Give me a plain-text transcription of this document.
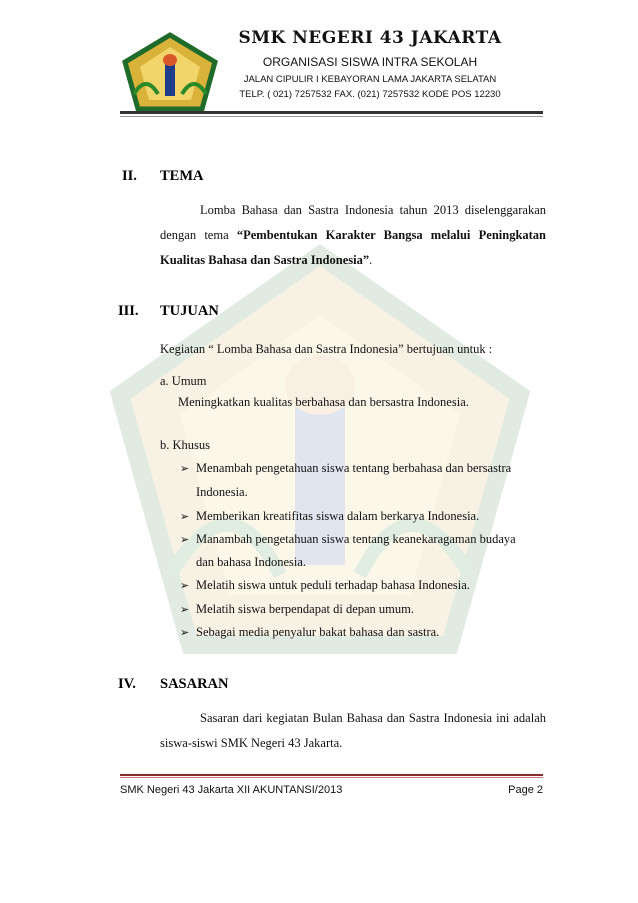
SMK NEGERI 43 JAKARTA
ORGANISASI SISWA INTRA SEKOLAH
JALAN CIPULIR I KEBAYORAN LAMA JAKARTA SELATAN
TELP. ( 021) 7257532 FAX. (021) 7257532 KODE POS 12230
II. TEMA
Lomba Bahasa dan Sastra Indonesia tahun 2013 diselenggarakan dengan tema “Pembentukan Karakter Bangsa melalui Peningkatan Kualitas Bahasa dan Sastra Indonesia”.
III. TUJUAN
Kegiatan “ Lomba Bahasa dan Sastra Indonesia” bertujuan untuk :
a. Umum
Meningkatkan kualitas berbahasa dan bersastra Indonesia.
b. Khusus
➢ Menambah pengetahuan siswa tentang berbahasa dan bersastra
Indonesia.
➢ Memberikan kreatifitas siswa dalam berkarya Indonesia.
➢ Manambah pengetahuan siswa tentang keanekaragaman budaya
dan bahasa Indonesia.
➢ Melatih siswa untuk peduli terhadap bahasa Indonesia.
➢ Melatih siswa berpendapat di depan umum.
➢ Sebagai media penyalur bakat bahasa dan sastra.
IV. SASARAN
Sasaran dari kegiatan Bulan Bahasa dan Sastra Indonesia ini adalah siswa-siswi SMK Negeri 43 Jakarta.
SMK Negeri 43 Jakarta XII AKUNTANSI/2013	Page 2
